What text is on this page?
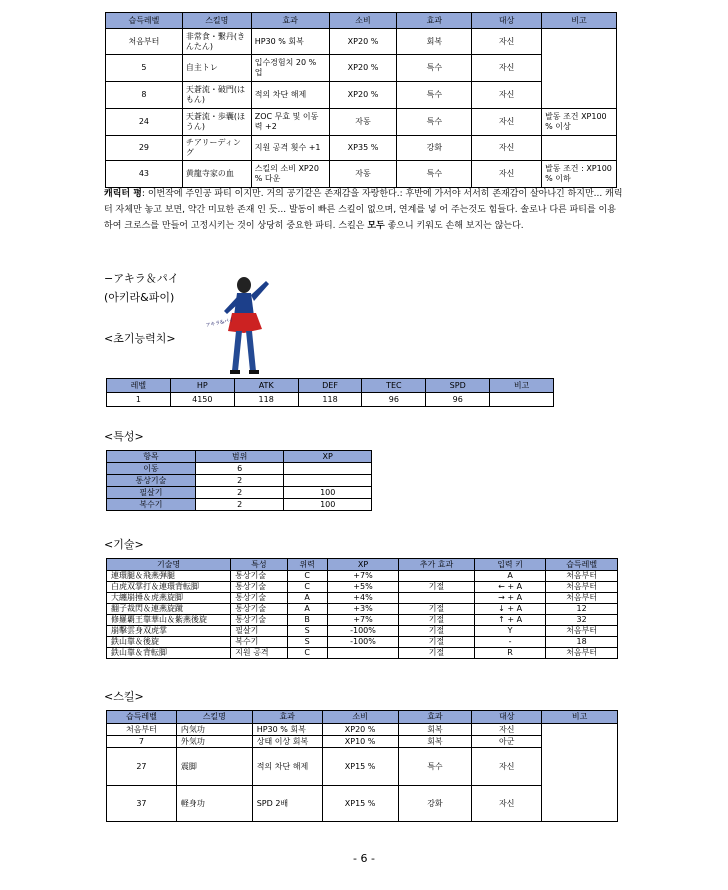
습득레벨	스킬명	효과	소비	효과	대상	비고
처음부터	非常食・繫丹(きんたん)	HP30 % 회복	XP20 %	회복	자신	
5	自主トレ	입수경험치 20 % 업	XP20 %	특수	자신	
8	天蒼流・破門(はもん)	적의 차단 해제	XP20 %	특수	자신	
24	天蒼流・歩囊(ほうん)	ZOC 무효 및 이동 력 +2	자동	특수	자신	발동 조건 XP100 % 이상
29	チアリーディング	지원 공격 횟수 +1	XP35 %	강화	자신	
43	黄龍寺家の血	스킬의 소비 XP20 % 다운	자동	특수	자신	발동 조건 : XP100 % 이하
캐릭터 평: 이번작에 주인공 파티 이지만. 거의 공기같은 존재감을 자랑한다.: 후반에 가서야 서서히 존재감이 살아나긴 하지만... 캐릭터 자체만 놓고 보면, 약간 미묘한 존재 인 듯... 발동이 빠른 스킬이 없으며, 연계를 넣 어 주는것도 힘들다. 솔로나 다른 파티를 이용하여 크로스를 만들어 고정시키는 것이 상당히 중요한 파티. 스킬은 모두 좋으니 키워도 손해 보지는 않는다.
−アキラ＆パイ
(아키라&파이)
アキラ&パイ
<초기능력치>
레벨	HP	ATK	DEF	TEC	SPD	비고
1	4150	118	118	96	96	
<특성>
항목	범위	XP
이동	6	
통상기술	2	
필살기	2	100
복수기	2	100
<기술>
기술명	특성	위력	XP	추가 효과	입력 키	습득레벨
連環腿＆飛燕弾腿	통상기술	C	+7%		A	처음부터
白虎双掌打＆連環背転脚	통상기술	C	+5%	기절	← + A	처음부터
大纏崩捶＆虎燕旋脚	통상기술	A	+4%		→ + A	처음부터
翻子裁閃＆連燕旋蹴	통상기술	A	+3%	기절	↓ + A	12
修羅覇王靠華山＆紫燕後旋	통상기술	B	+7%	기절	↑ + A	32
崩擊雲身双虎掌	필살기	S	-100%	기절	Y	처음부터
鉄山靠＆後旋	복수기	S	-100%	기절	-	18
鉄山靠＆背転脚	지원 공격	C		기절	R	처음부터
<스킬>
습득레벨	스킬명	효과	소비	효과	대상	비고
처음부터	内気功	HP30 % 회복	XP20 %	회복	자신	
7	外気功	상태 이상 회복	XP10 %	회복	아군	
27	震脚	적의 차단 해제	XP15 %	특수	자신	
37	軽身功	SPD 2배	XP15 %	강화	자신	
- 6 -
